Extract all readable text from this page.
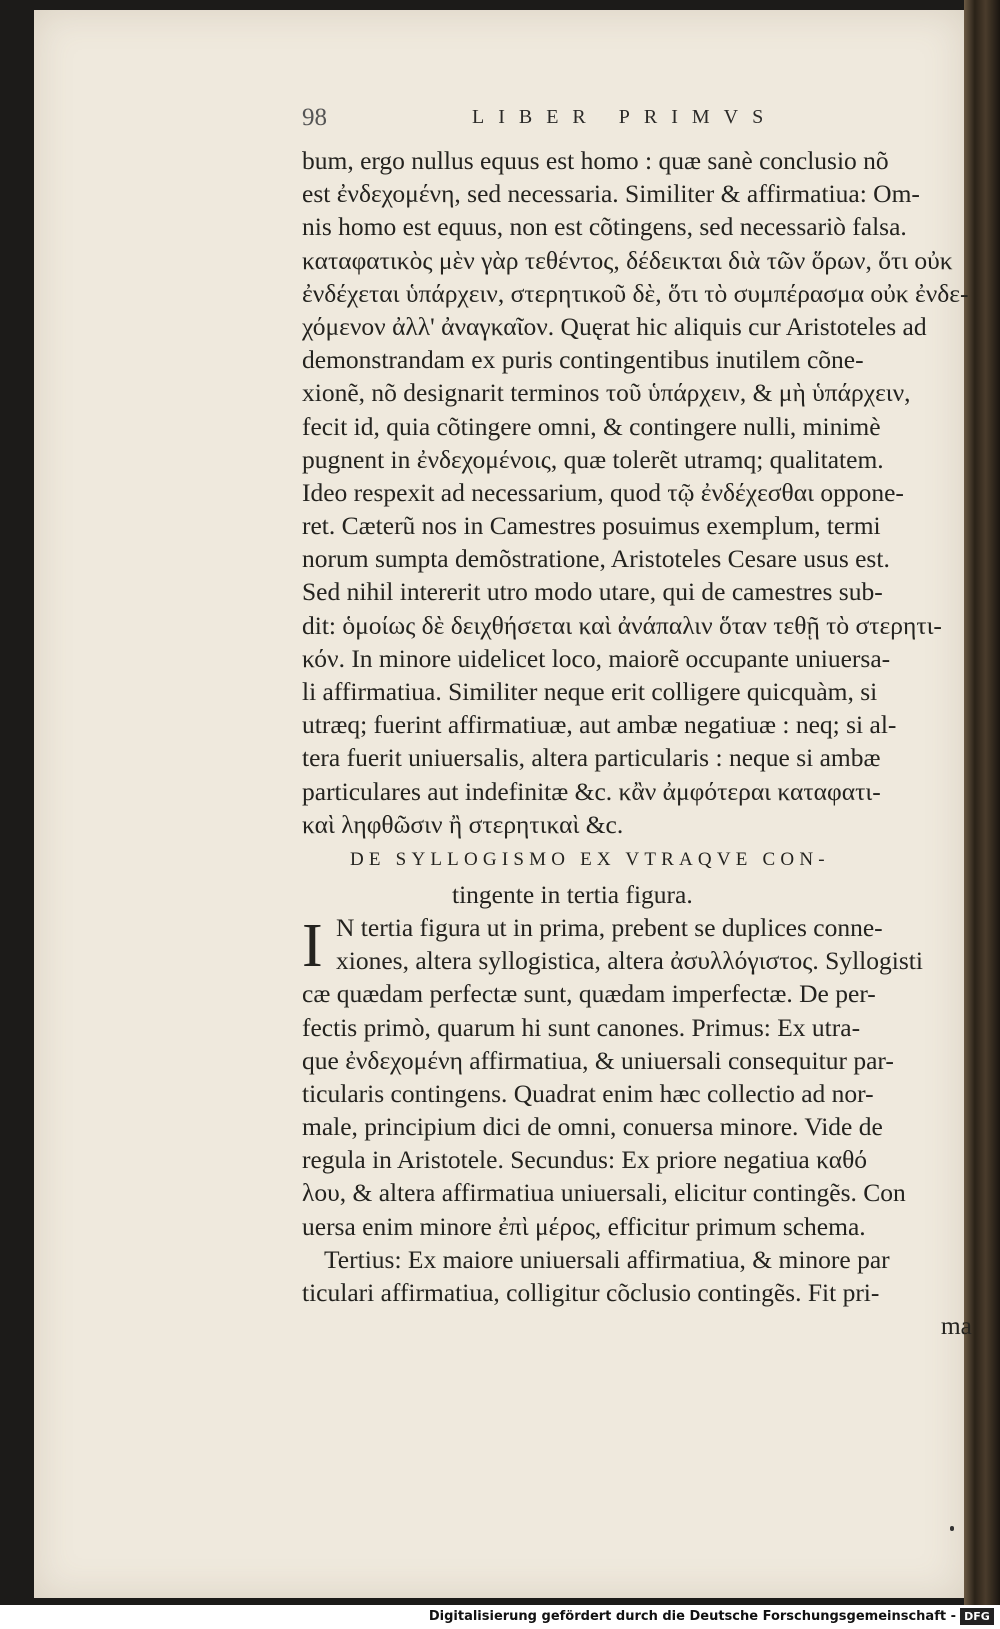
98	LIBER PRIMVS
bum, ergo nullus equus est homo : quæ sanè conclusio nõ
est ἐνδεχομένη, sed necessaria. Similiter & affirmatiua: Om-
nis homo est equus, non est cõtingens, sed necessariò falsa.
καταφατικὸς μὲν γὰρ τεθέντος, δέδεικται διὰ τῶν ὅρων, ὅτι οὐκ
ἐνδέχεται ὑπάρχειν, στερητικοῦ δὲ, ὅτι τὸ συμπέρασμα οὐκ ἐνδε-
χόμενον ἀλλ' ἀναγκαῖον. Quęrat hic aliquis cur Aristoteles ad
demonstrandam ex puris contingentibus inutilem cõne-
xionẽ, nõ designarit terminos τοῦ ὑπάρχειν, & μὴ ὑπάρχειν,
fecit id, quia cõtingere omni, & contingere nulli, minimè
pugnent in ἐνδεχομένοις, quæ tolerẽt utramq; qualitatem.
Ideo respexit ad necessarium, quod τῷ ἐνδέχεσθαι oppone-
ret. Cæterũ nos in Camestres posuimus exemplum, termi
norum sumpta demõstratione, Aristoteles Cesare usus est.
Sed nihil intererit utro modo utare, qui de camestres sub-
dit: ὁμοίως δὲ δειχθήσεται καὶ ἀνάπαλιν ὅταν τεθῇ τὸ στερητι-
κόν. In minore uidelicet loco, maiorẽ occupante uniuersa-
li affirmatiua. Similiter neque erit colligere quicquàm, si
utræq; fuerint affirmatiuæ, aut ambæ negatiuæ : neq; si al-
tera fuerit uniuersalis, altera particularis : neque si ambæ
particulares aut indefinitæ &c. κἂν ἀμφότεραι καταφατι-
καὶ ληφθῶσιν ἢ στερητικαὶ &c.
DE SYLLOGISMO EX VTRAQVE CON-
tingente in tertia figura.
I N tertia figura ut in prima, prebent se duplices conne-
xiones, altera syllogistica, altera ἀσυλλόγιστος. Syllogisti
cæ quædam perfectæ sunt, quædam imperfectæ. De per-
fectis primò, quarum hi sunt canones. Primus: Ex utra-
que ἐνδεχομένη affirmatiua, & uniuersali consequitur par-
ticularis contingens. Quadrat enim hæc collectio ad nor-
male, principium dici de omni, conuersa minore. Vide de
regula in Aristotele. Secundus: Ex priore negatiua καθό
λου, & altera affirmatiua uniuersali, elicitur contingẽs. Con
uersa enim minore ἐπὶ μέρος, efficitur primum schema.
Tertius: Ex maiore uniuersali affirmatiua, & minore par
ticulari affirmatiua, colligitur cõclusio contingẽs. Fit pri-
ma
Digitalisierung gefördert durch die Deutsche Forschungsgemeinschaft - DFG
